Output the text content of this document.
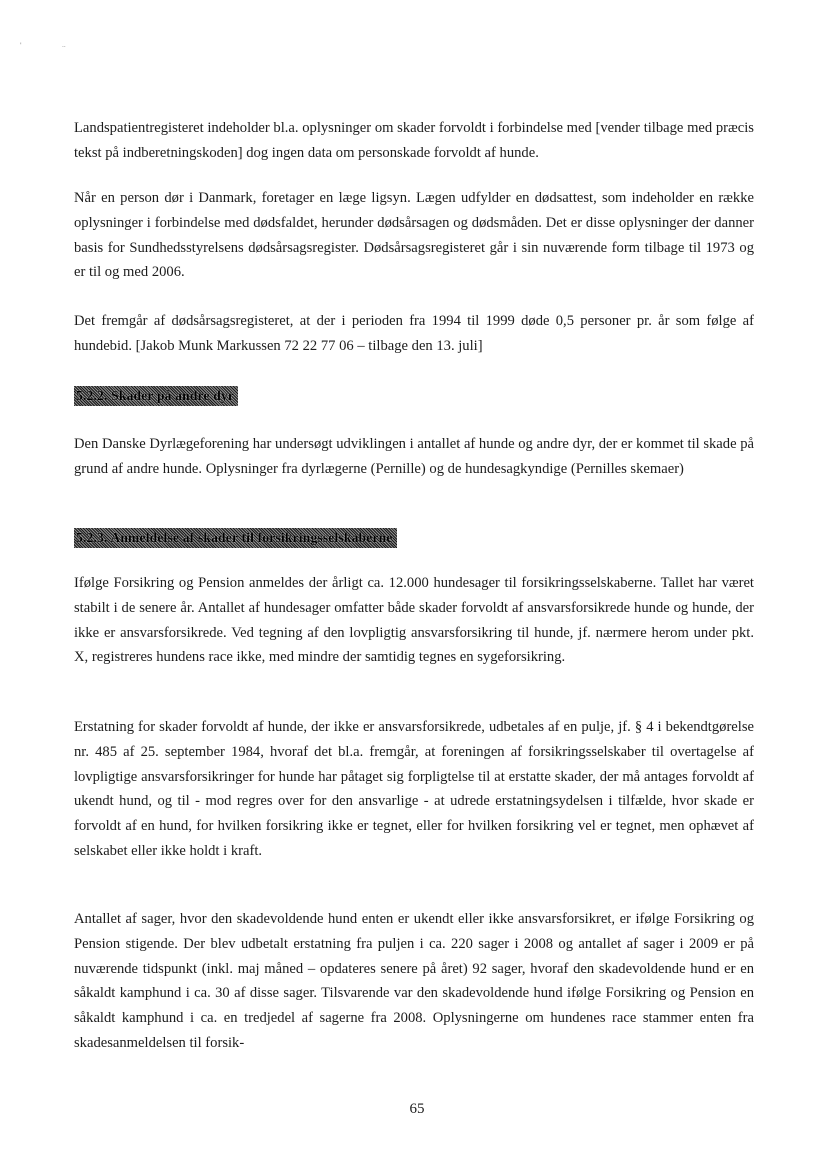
'	..

Landspatientregisteret indeholder bl.a. oplysninger om skader forvoldt i forbindelse med [vender tilbage med præcis tekst på indberetningskoden] dog ingen data om personskade forvoldt af hunde.

Når en person dør i Danmark, foretager en læge ligsyn. Lægen udfylder en dødsattest, som indeholder en række oplysninger i forbindelse med dødsfaldet, herunder dødsårsagen og dødsmåden. Det er disse oplysninger der danner basis for Sundhedsstyrelsens dødsårsagsregister. Dødsårsagsregisteret går i sin nuværende form tilbage til 1973 og er til og med 2006.

Det fremgår af dødsårsagsregisteret, at der i perioden fra 1994 til 1999 døde 0,5 personer pr. år som følge af hundebid. [Jakob Munk Markussen 72 22 77 06 – tilbage den 13. juli]

5.2.2. Skader på andre dyr

Den Danske Dyrlægeforening har undersøgt udviklingen i antallet af hunde og andre dyr, der er kommet til skade på grund af andre hunde. Oplysninger fra dyrlægerne (Pernille) og de hundesagkyndige (Pernilles skemaer)

5.2.3. Anmeldelse af skader til forsikringsselskaberne

Ifølge Forsikring og Pension anmeldes der årligt ca. 12.000 hundesager til forsikringsselskaberne. Tallet har været stabilt i de senere år. Antallet af hundesager omfatter både skader forvoldt af ansvarsforsikrede hunde og hunde, der ikke er ansvarsforsikrede. Ved tegning af den lovpligtig ansvarsforsikring til hunde, jf. nærmere herom under pkt. X, registreres hundens race ikke, med mindre der samtidig tegnes en sygeforsikring.

Erstatning for skader forvoldt af hunde, der ikke er ansvarsforsikrede, udbetales af en pulje, jf. § 4 i bekendtgørelse nr. 485 af 25. september 1984, hvoraf det bl.a. fremgår, at foreningen af forsikringsselskaber til overtagelse af lovpligtige ansvarsforsikringer for hunde har påtaget sig forpligtelse til at erstatte skader, der må antages forvoldt af ukendt hund, og til - mod regres over for den ansvarlige - at udrede erstatningsydelsen i tilfælde, hvor skade er forvoldt af en hund, for hvilken forsikring ikke er tegnet, eller for hvilken forsikring vel er tegnet, men ophævet af selskabet eller ikke holdt i kraft.

Antallet af sager, hvor den skadevoldende hund enten er ukendt eller ikke ansvarsforsikret, er ifølge Forsikring og Pension stigende. Der blev udbetalt erstatning fra puljen i ca. 220 sager i 2008 og antallet af sager i 2009 er på nuværende tidspunkt (inkl. maj måned – opdateres senere på året) 92 sager, hvoraf den skadevoldende hund er en såkaldt kamphund i ca. 30 af disse sager. Tilsvarende var den skadevoldende hund ifølge Forsikring og Pension en såkaldt kamphund i ca. en tredjedel af sagerne fra 2008. Oplysningerne om hundenes race stammer enten fra skadesanmeldelsen til forsik-

65
